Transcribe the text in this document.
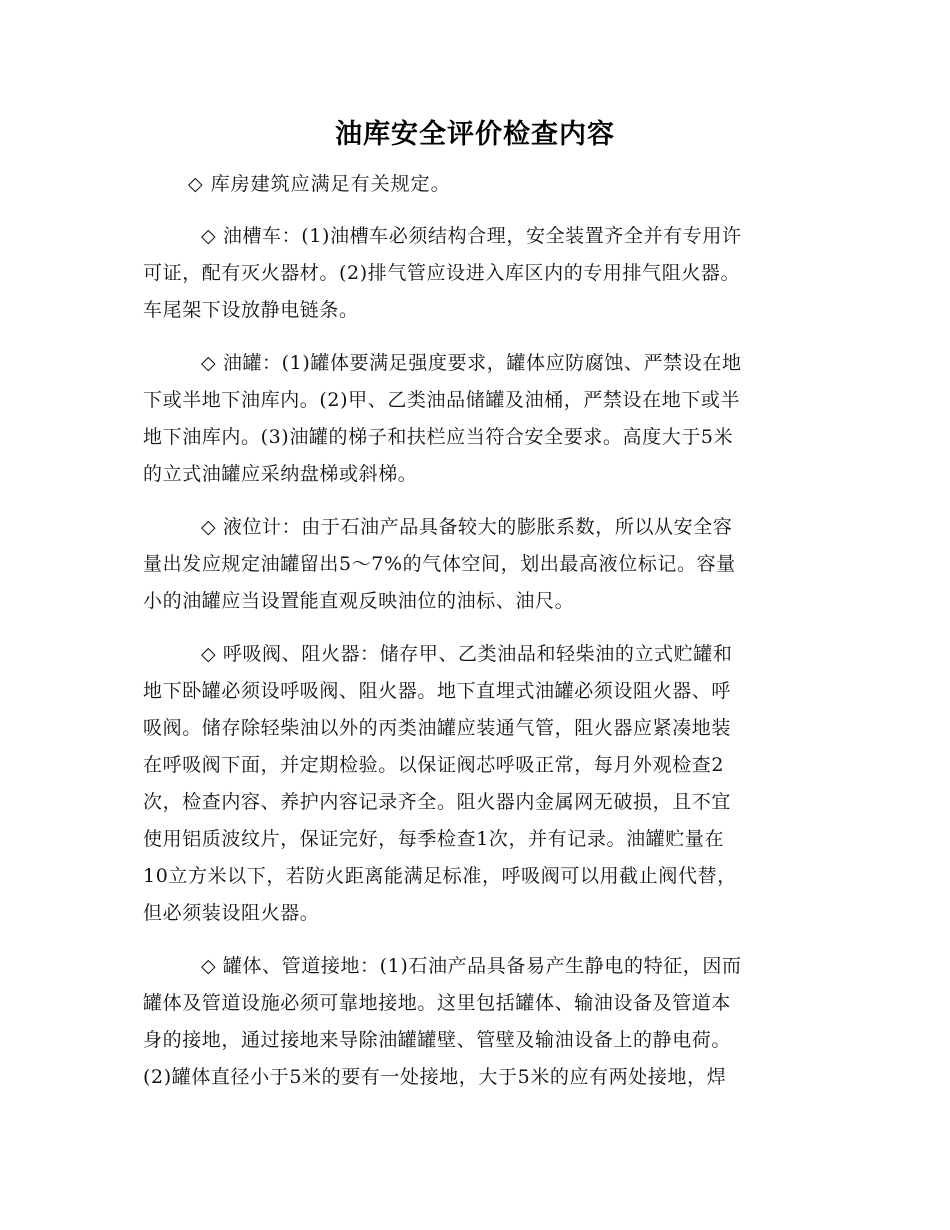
油库安全评价检查内容
◇ 库房建筑应满足有关规定。
◇ 油槽车：(1)油槽车必须结构合理，安全装置齐全并有专用许
可证，配有灭火器材。(2)排气管应设进入库区内的专用排气阻火器。
车尾架下设放静电链条。
◇ 油罐：(1)罐体要满足强度要求，罐体应防腐蚀、严禁设在地
下或半地下油库内。(2)甲、乙类油品储罐及油桶，严禁设在地下或半
地下油库内。(3)油罐的梯子和扶栏应当符合安全要求。高度大于5米
的立式油罐应采纳盘梯或斜梯。
◇ 液位计：由于石油产品具备较大的膨胀系数，所以从安全容
量出发应规定油罐留出5～7%的气体空间，划出最高液位标记。容量
小的油罐应当设置能直观反映油位的油标、油尺。
◇ 呼吸阀、阻火器：储存甲、乙类油品和轻柴油的立式贮罐和
地下卧罐必须设呼吸阀、阻火器。地下直埋式油罐必须设阻火器、呼
吸阀。储存除轻柴油以外的丙类油罐应装通气管，阻火器应紧凑地装
在呼吸阀下面，并定期检验。以保证阀芯呼吸正常，每月外观检查2
次，检查内容、养护内容记录齐全。阻火器内金属网无破损，且不宜
使用铝质波纹片，保证完好，每季检查1次，并有记录。油罐贮量在
10立方米以下，若防火距离能满足标准，呼吸阀可以用截止阀代替，
但必须装设阻火器。
◇ 罐体、管道接地：(1)石油产品具备易产生静电的特征，因而
罐体及管道设施必须可靠地接地。这里包括罐体、输油设备及管道本
身的接地，通过接地来导除油罐罐壁、管壁及输油设备上的静电荷。
(2)罐体直径小于5米的要有一处接地，大于5米的应有两处接地，焊
